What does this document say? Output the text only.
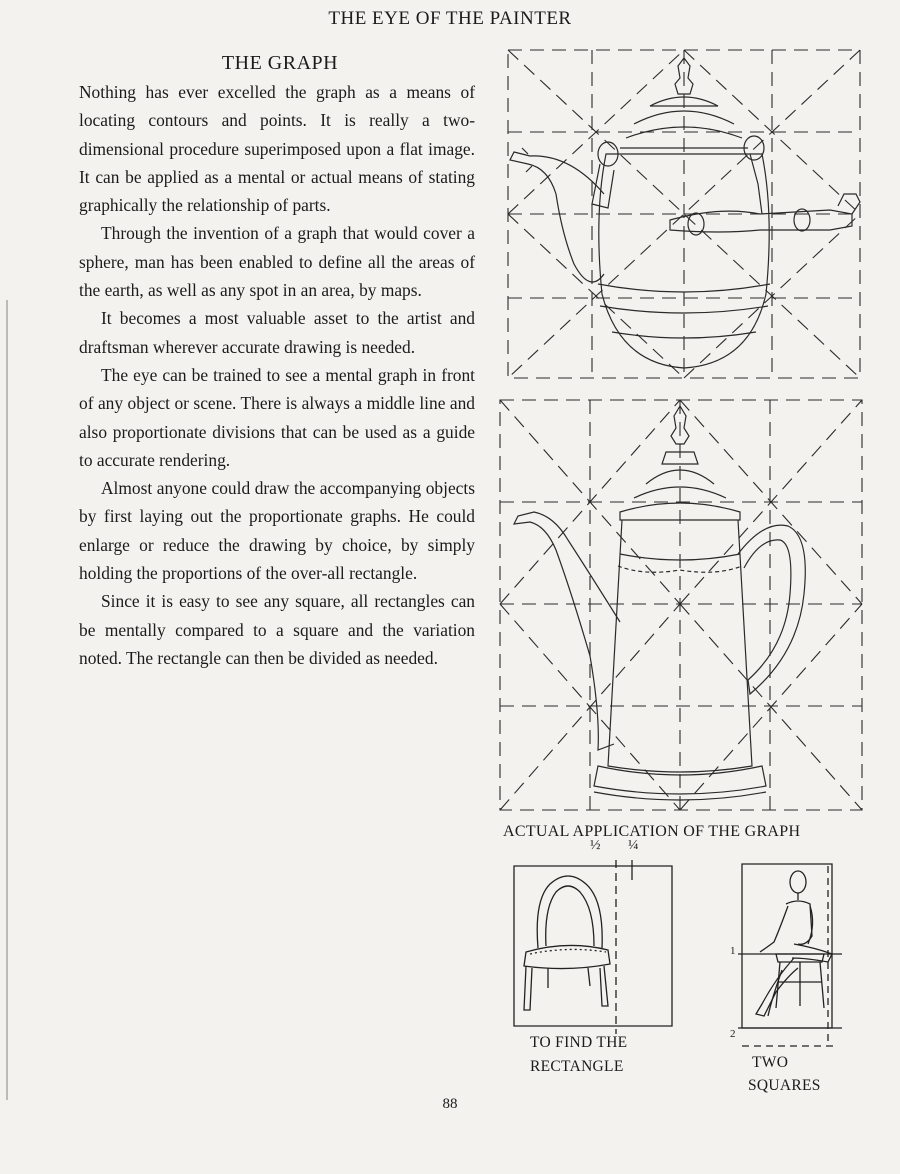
THE EYE OF THE PAINTER
THE GRAPH

Nothing has ever excelled the graph as a means of locating contours and points. It is really a two-dimensional procedure superimposed upon a flat image. It can be applied as a mental or actual means of stating graphically the relationship of parts.

Through the invention of a graph that would cover a sphere, man has been enabled to define all the areas of the earth, as well as any spot in an area, by maps.

It becomes a most valuable asset to the artist and draftsman wherever accurate drawing is needed.

The eye can be trained to see a mental graph in front of any object or scene. There is always a middle line and also proportionate divisions that can be used as a guide to accurate rendering.

Almost anyone could draw the accompanying objects by first laying out the proportionate graphs. He could enlarge or reduce the drawing by choice, by simply holding the proportions of the over-all rectangle.

Since it is easy to see any square, all rectangles can be mentally compared to a square and the variation noted. The rectangle can then be divided as needed.

ACTUAL APPLICATION OF THE GRAPH
½ ¼
TO FIND THE
RECTANGLE
1
2
TWO
SQUARES
88
